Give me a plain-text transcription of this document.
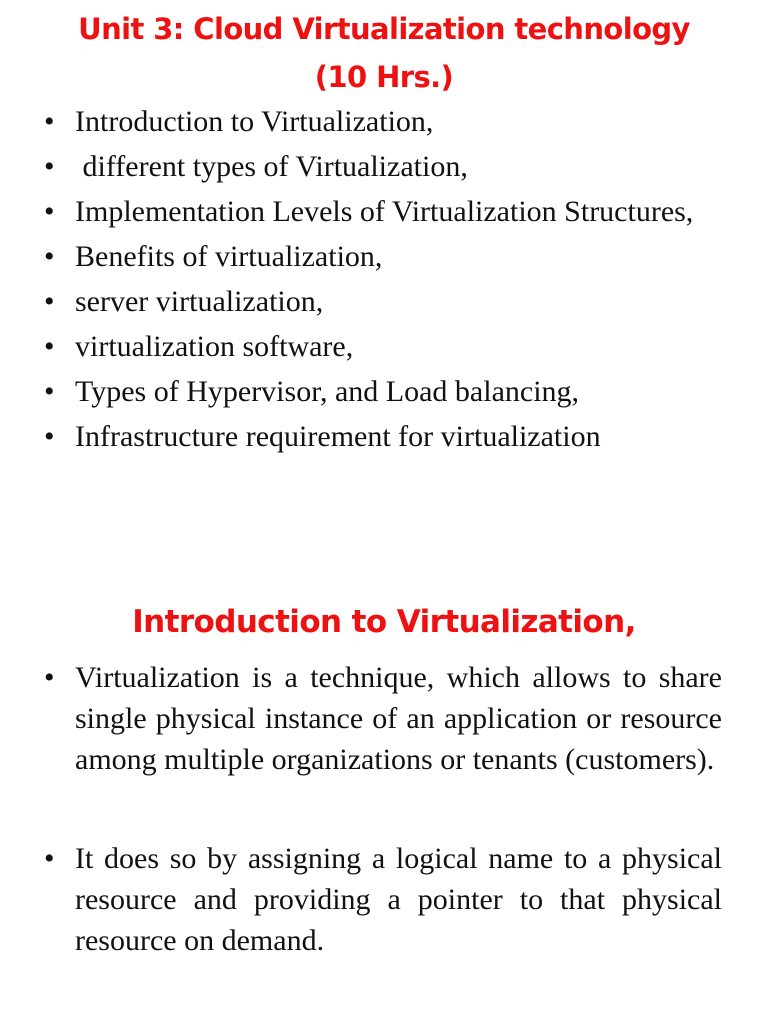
Unit 3: Cloud Virtualization technology
(10 Hrs.)
• Introduction to Virtualization,
• different types of Virtualization,
• Implementation Levels of Virtualization Structures,
• Benefits of virtualization,
• server virtualization,
• virtualization software,
• Types of Hypervisor, and Load balancing,
• Infrastructure requirement for virtualization
Introduction to Virtualization,
• Virtualization is a technique, which allows to share single physical instance of an application or resource among multiple organizations or tenants (customers).
• It does so by assigning a logical name to a physical resource and providing a pointer to that physical resource on demand.
